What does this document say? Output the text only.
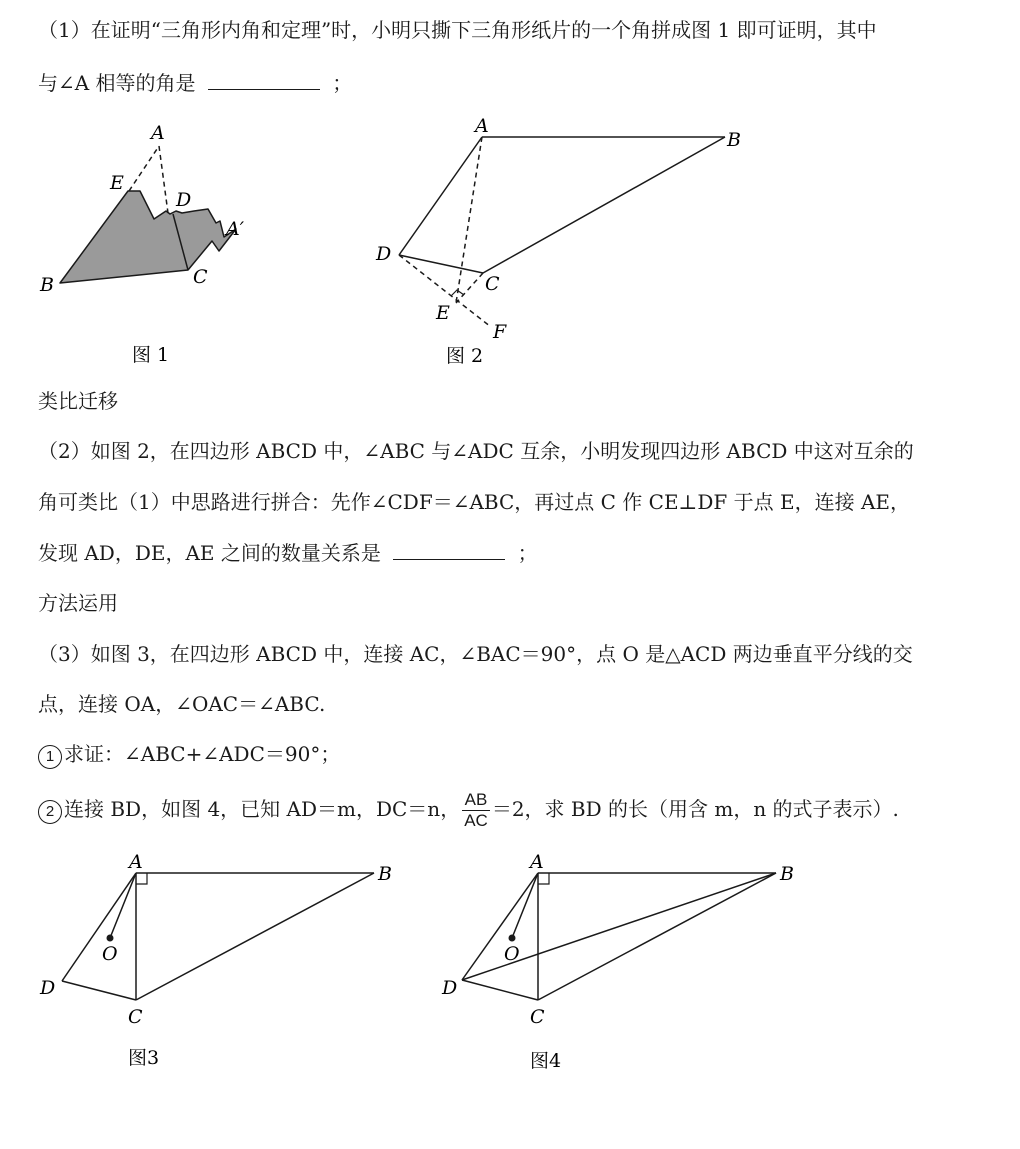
（1）在证明“三角形内角和定理”时，小明只撕下三角形纸片的一个角拼成图 1 即可证明，其中
与∠A 相等的角是	；
A
E
D
A′
B	C
图 1
A
B
D
C
E
F
图 2
类比迁移
（2）如图 2，在四边形 ABCD 中，∠ABC 与∠ADC 互余，小明发现四边形 ABCD 中这对互余的
角可类比（1）中思路进行拼合：先作∠CDF＝∠ABC，再过点 C 作 CE⊥DF 于点 E，连接 AE，
发现 AD，DE，AE 之间的数量关系是	；
方法运用
（3）如图 3，在四边形 ABCD 中，连接 AC，∠BAC＝90°，点 O 是△ACD 两边垂直平分线的交
点，连接 OA，∠OAC＝∠ABC.
1 求证：∠ABC+∠ADC＝90°；
2 连接 BD，如图 4，已知 AD＝m，DC＝n， $\frac{AB}{AC} =2$，求 BD 的长（用含 m，n 的式子表示）.
A
B
O
D
C
图3
A
B
O
D
C
图4
